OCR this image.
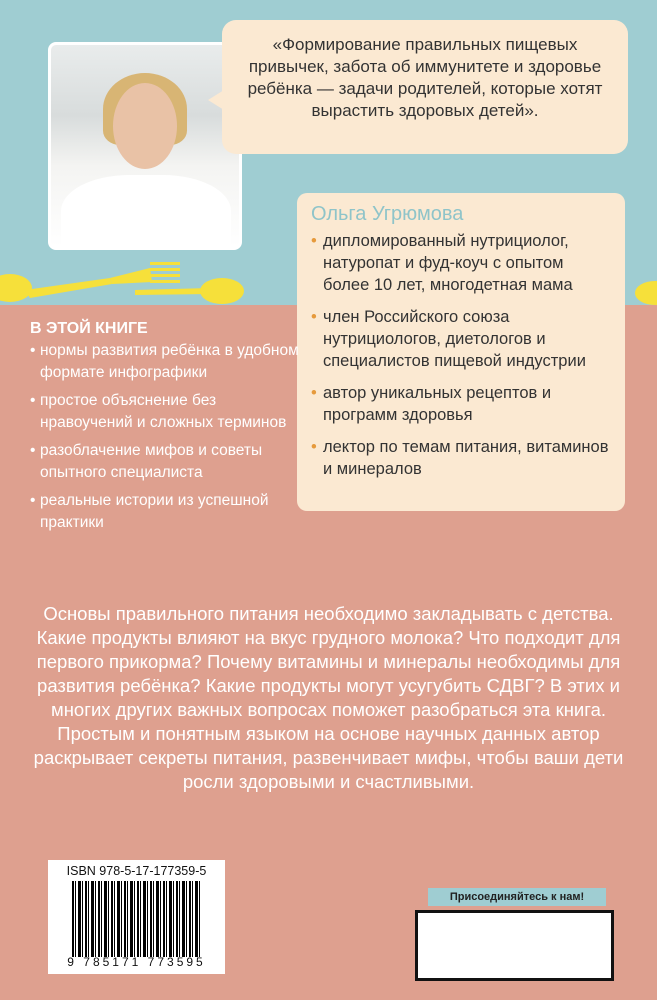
«Формирование правильных пищевых привычек, забота об иммунитете и здоровье ребёнка — задачи родителей, которые хотят вырастить здоровых детей».
Ольга Угрюмова
• дипломированный нутрициолог, натуропат и фуд-коуч с опытом более 10 лет, многодетная мама
• член Российского союза нутрициологов, диетологов и специалистов пищевой индустрии
• автор уникальных рецептов и программ здоровья
• лектор по темам питания, витаминов и минералов
В ЭТОЙ КНИГЕ
• нормы развития ребёнка в удобном формате инфографики
• простое объяснение без нравоучений и сложных терминов
• разоблачение мифов и советы опытного специалиста
• реальные истории из успешной практики
Основы правильного питания необходимо закладывать с детства. Какие продукты влияют на вкус грудного молока? Что подходит для первого прикорма? Почему витамины и минералы необходимы для развития ребёнка? Какие продукты могут усугубить СДВГ? В этих и многих других важных вопросах поможет разобраться эта книга. Простым и понятным языком на основе научных данных автор раскрывает секреты питания, развенчивает мифы, чтобы ваши дети росли здоровыми и счастливыми.
ISBN 978-5-17-177359-5
9 785171 773595
Присоединяйтесь к нам!
